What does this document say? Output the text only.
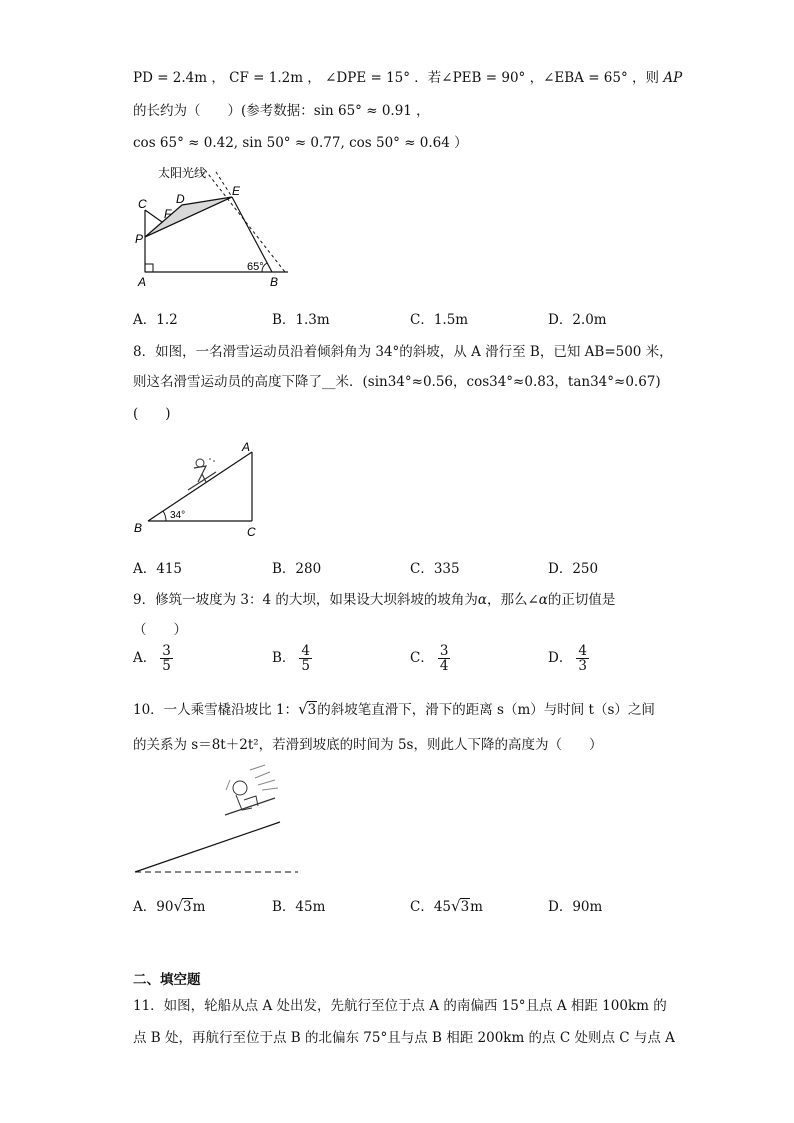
PD = 2.4m ， CF = 1.2m ， ∠DPE = 15° ．若∠PEB = 90° ，∠EBA = 65° ，则 AP
的长约为（　　）(参考数据：sin 65° ≈ 0.91 ，
cos 65° ≈ 0.42, sin 50° ≈ 0.77, cos 50° ≈ 0.64 ）
太阳光线
C
F
D
E
P
A	B
65°
A．1.2	B．1.3m	C．1.5m	D．2.0m
8．如图，一名滑雪运动员沿着倾斜角为 34°的斜坡，从 A 滑行至 B，已知 AB=500 米，
则这名滑雪运动员的高度下降了__米．(sin34°≈0.56，cos34°≈0.83，tan34°≈0.67)
(　　)
A
B	C
34°
A．415	B．280	C．335	D．250
9．修筑一坡度为 3：4 的大坝，如果设大坝斜坡的坡角为α，那么∠α的正切值是
（　　）
A． $\frac{3}{5}$	B． $\frac{4}{5}$	C． $\frac{3}{4}$	D． $\frac{4}{3}$
10．一人乘雪橇沿坡比 1：√3的斜坡笔直滑下，滑下的距离 s（m）与时间 t（s）之间
的关系为 s＝8t＋2t²，若滑到坡底的时间为 5s，则此人下降的高度为（　　）
A．90√3m	B．45m	C．45√3m	D．90m
二、填空题
11．如图，轮船从点 A 处出发，先航行至位于点 A 的南偏西 15°且点 A 相距 100km 的
点 B 处，再航行至位于点 B 的北偏东 75°且与点 B 相距 200km 的点 C 处则点 C 与点 A
